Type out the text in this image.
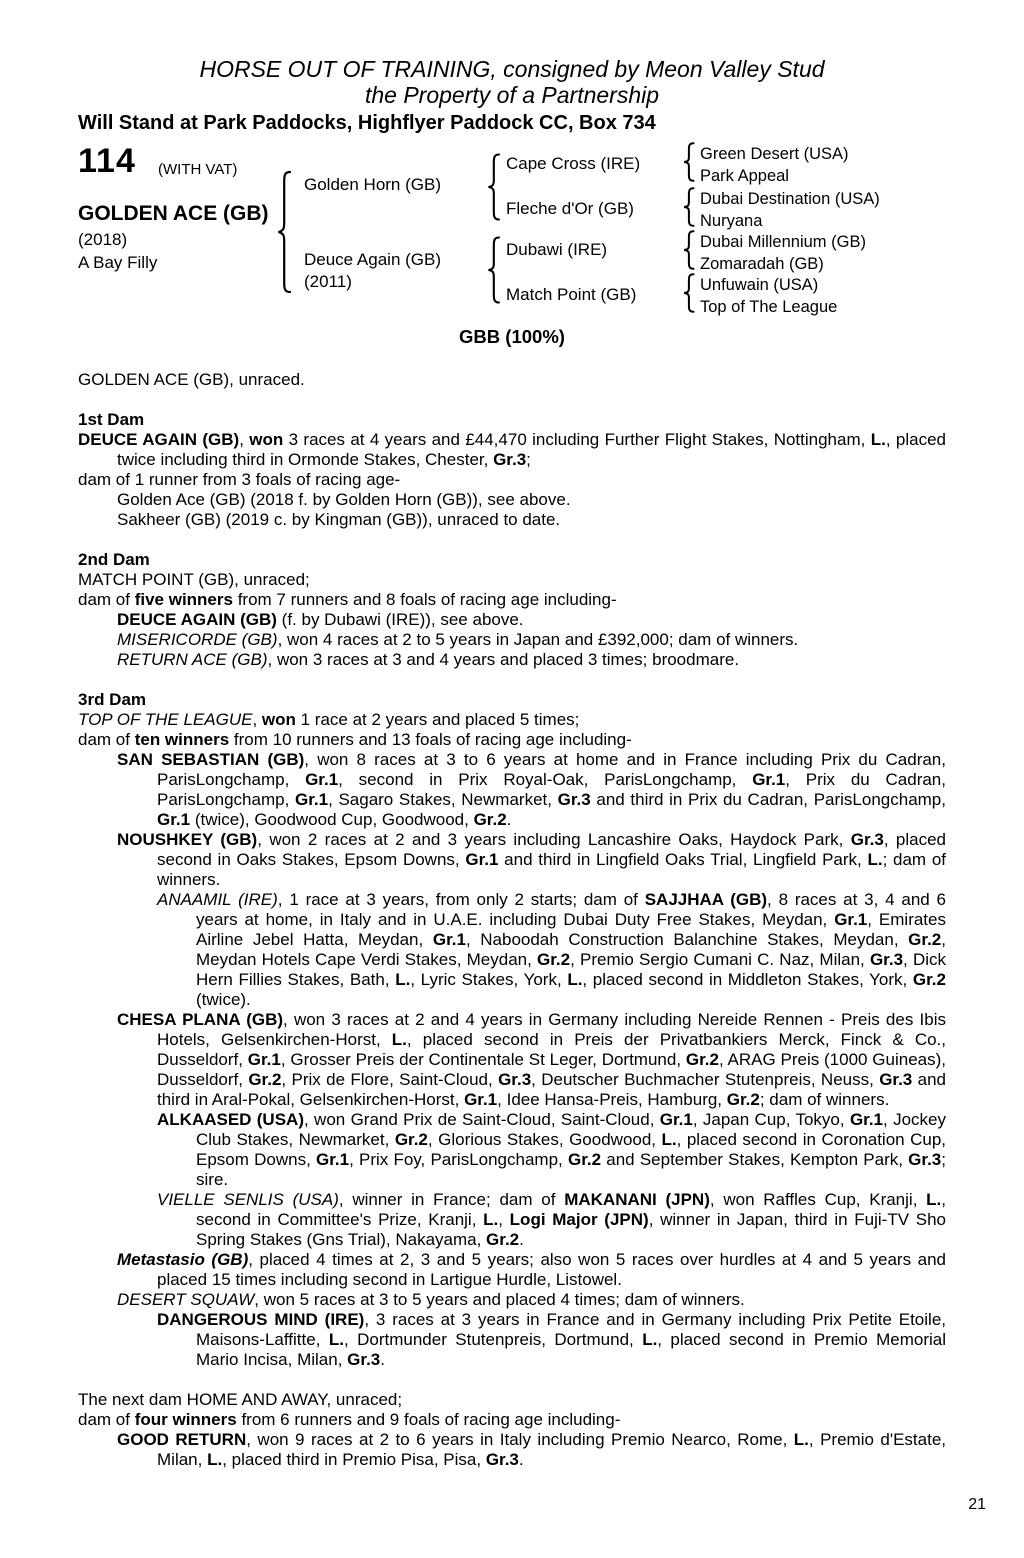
HORSE OUT OF TRAINING, consigned by Meon Valley Stud
the Property of a Partnership
Will Stand at Park Paddocks, Highflyer Paddock CC, Box 734
114 (WITH VAT)
GOLDEN ACE (GB)
(2018)
A Bay Filly
Golden Horn (GB)
Deuce Again (GB)
(2011)
Cape Cross (IRE)
Fleche d'Or (GB)
Dubawi (IRE)
Match Point (GB)
Green Desert (USA)
Park Appeal
Dubai Destination (USA)
Nuryana
Dubai Millennium (GB)
Zomaradah (GB)
Unfuwain (USA)
Top of The League
GBB (100%)

GOLDEN ACE (GB), unraced.

1st Dam

DEUCE AGAIN (GB), won 3 races at 4 years and £44,470 including Further Flight Stakes, Nottingham, L., placed twice including third in Ormonde Stakes, Chester, Gr.3;

dam of 1 runner from 3 foals of racing age-

Golden Ace (GB) (2018 f. by Golden Horn (GB)), see above.

Sakheer (GB) (2019 c. by Kingman (GB)), unraced to date.

2nd Dam

MATCH POINT (GB), unraced;

dam of five winners from 7 runners and 8 foals of racing age including-

DEUCE AGAIN (GB) (f. by Dubawi (IRE)), see above.

MISERICORDE (GB), won 4 races at 2 to 5 years in Japan and £392,000; dam of winners.

RETURN ACE (GB), won 3 races at 3 and 4 years and placed 3 times; broodmare.

3rd Dam

TOP OF THE LEAGUE, won 1 race at 2 years and placed 5 times;

dam of ten winners from 10 runners and 13 foals of racing age including-

SAN SEBASTIAN (GB), won 8 races at 3 to 6 years at home and in France including Prix du Cadran, ParisLongchamp, Gr.1, second in Prix Royal-Oak, ParisLongchamp, Gr.1, Prix du Cadran, ParisLongchamp, Gr.1, Sagaro Stakes, Newmarket, Gr.3 and third in Prix du Cadran, ParisLongchamp, Gr.1 (twice), Goodwood Cup, Goodwood, Gr.2.

NOUSHKEY (GB), won 2 races at 2 and 3 years including Lancashire Oaks, Haydock Park, Gr.3, placed second in Oaks Stakes, Epsom Downs, Gr.1 and third in Lingfield Oaks Trial, Lingfield Park, L.; dam of winners.

ANAAMIL (IRE), 1 race at 3 years, from only 2 starts; dam of SAJJHAA (GB), 8 races at 3, 4 and 6 years at home, in Italy and in U.A.E. including Dubai Duty Free Stakes, Meydan, Gr.1, Emirates Airline Jebel Hatta, Meydan, Gr.1, Naboodah Construction Balanchine Stakes, Meydan, Gr.2, Meydan Hotels Cape Verdi Stakes, Meydan, Gr.2, Premio Sergio Cumani C. Naz, Milan, Gr.3, Dick Hern Fillies Stakes, Bath, L., Lyric Stakes, York, L., placed second in Middleton Stakes, York, Gr.2 (twice).

CHESA PLANA (GB), won 3 races at 2 and 4 years in Germany including Nereide Rennen - Preis des Ibis Hotels, Gelsenkirchen-Horst, L., placed second in Preis der Privatbankiers Merck, Finck & Co., Dusseldorf, Gr.1, Grosser Preis der Continentale St Leger, Dortmund, Gr.2, ARAG Preis (1000 Guineas), Dusseldorf, Gr.2, Prix de Flore, Saint-Cloud, Gr.3, Deutscher Buchmacher Stutenpreis, Neuss, Gr.3 and third in Aral-Pokal, Gelsenkirchen-Horst, Gr.1, Idee Hansa-Preis, Hamburg, Gr.2; dam of winners.

ALKAASED (USA), won Grand Prix de Saint-Cloud, Saint-Cloud, Gr.1, Japan Cup, Tokyo, Gr.1, Jockey Club Stakes, Newmarket, Gr.2, Glorious Stakes, Goodwood, L., placed second in Coronation Cup, Epsom Downs, Gr.1, Prix Foy, ParisLongchamp, Gr.2 and September Stakes, Kempton Park, Gr.3; sire.

VIELLE SENLIS (USA), winner in France; dam of MAKANANI (JPN), won Raffles Cup, Kranji, L., second in Committee's Prize, Kranji, L., Logi Major (JPN), winner in Japan, third in Fuji-TV Sho Spring Stakes (Gns Trial), Nakayama, Gr.2.

Metastasio (GB), placed 4 times at 2, 3 and 5 years; also won 5 races over hurdles at 4 and 5 years and placed 15 times including second in Lartigue Hurdle, Listowel.

DESERT SQUAW, won 5 races at 3 to 5 years and placed 4 times; dam of winners.

DANGEROUS MIND (IRE), 3 races at 3 years in France and in Germany including Prix Petite Etoile, Maisons-Laffitte, L., Dortmunder Stutenpreis, Dortmund, L., placed second in Premio Memorial Mario Incisa, Milan, Gr.3.

The next dam HOME AND AWAY, unraced;

dam of four winners from 6 runners and 9 foals of racing age including-

GOOD RETURN, won 9 races at 2 to 6 years in Italy including Premio Nearco, Rome, L., Premio d'Estate, Milan, L., placed third in Premio Pisa, Pisa, Gr.3.

21
